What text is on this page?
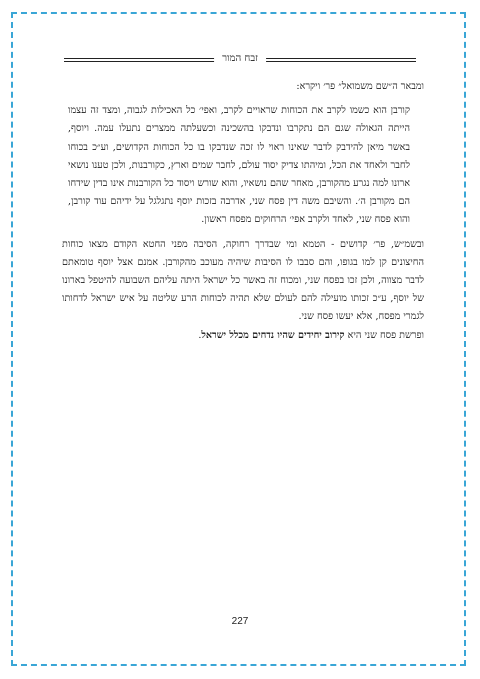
זבח המור

ומבאר ה״שם משמואל״ פר׳ ויקרא:

קורבן הוא כשמו לקרב את הכוחות שראויים לקרב, ואפי׳ כל האכילות לגבוה, ומצד זה עצמו הייתה הגאולה שגם הם נתקרבו ונדבקו בהשכינה וכשעלתה ממצרים נתעלו עמה. ויוסף, באשר מיאן להידבק לדבר שאינו ראוי לו זכה שנדבקו בו כל הכוחות הקדושים, וע״כ בכוחו לחבר ולאחד את הכל, ומיהתו צדיק יסוד עולם, לחבר שמים וארץ, כקורבנות, ולכן טענו נושאי ארונו למה נגרע מהקורבן, מאחר שהם נושאיו, והוא שורש ויסוד כל הקורבנות אינו בדין שידחו הם מקורבן ה׳. והשיבם משה דין פסח שני, אדרבה בזכות יוסף נתגלגל על ידיהם עוד קורבן, והוא פסח שני, לאחד ולקרב אפי׳ הרחוקים מפסח ראשון.

ובשמ״ש, פר׳ קדושים - הטמא ומי שבדרך רחוקה, הסיבה מפני החטא הקודם מצאו כוחות החיצונים קן למו בגופו, והם סבבו לו הסיבות שיהיה מעוכב מהקורבן. אמנם אצל יוסף טומאתם לדבר מצווה, ולכן זכו בפסח שני, ומכוח זה באשר כל ישראל היתה עליהם השבועה להיטפל בארונו של יוסף, ע״כ זכותו מועילה להם לעולם שלא תהיה לכוחות הרע שליטה על איש ישראל לדחותו לגמרי מפסח, אלא יעשו פסח שני.

ופרשת פסח שני היא קירוב יחידים שהיו נדחים מכלל ישראל.

227
